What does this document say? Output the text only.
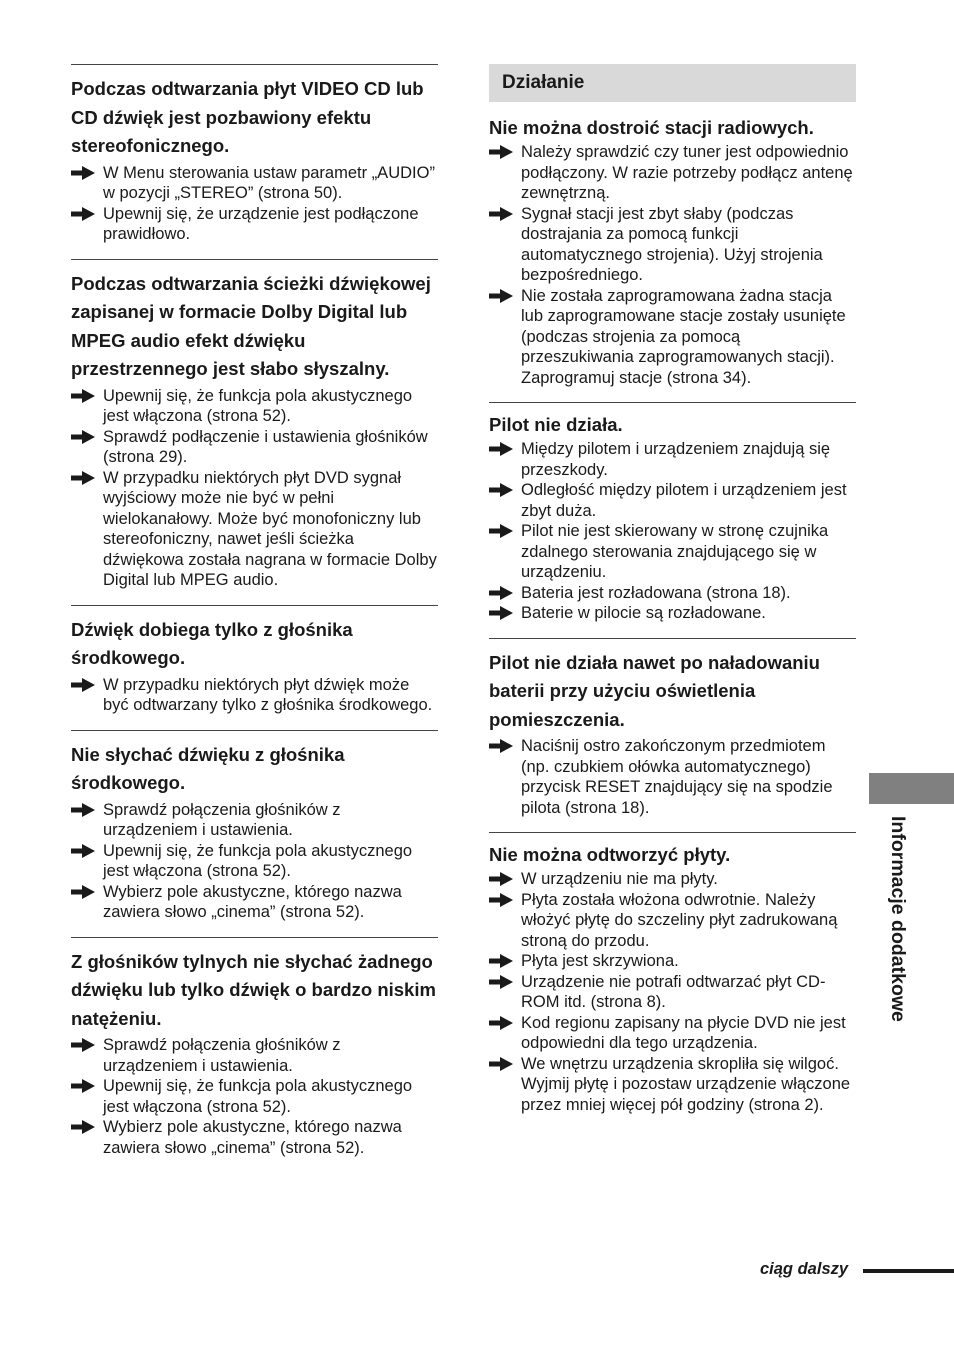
Podczas odtwarzania płyt VIDEO CD lub CD dźwięk jest pozbawiony efektu stereofonicznego.
W Menu sterowania ustaw parametr „AUDIO” w pozycji „STEREO” (strona 50).
Upewnij się, że urządzenie jest podłączone prawidłowo.
Podczas odtwarzania ścieżki dźwiękowej zapisanej w formacie Dolby Digital lub MPEG audio efekt dźwięku przestrzennego jest słabo słyszalny.
Upewnij się, że funkcja pola akustycznego jest włączona (strona 52).
Sprawdź podłączenie i ustawienia głośników (strona 29).
W przypadku niektórych płyt DVD sygnał wyjściowy może nie być w pełni wielokanałowy. Może być monofoniczny lub stereofoniczny, nawet jeśli ścieżka dźwiękowa została nagrana w formacie Dolby Digital lub MPEG audio.
Dźwięk dobiega tylko z głośnika środkowego.
W przypadku niektórych płyt dźwięk może być odtwarzany tylko z głośnika środkowego.
Nie słychać dźwięku z głośnika środkowego.
Sprawdź połączenia głośników z urządzeniem i ustawienia.
Upewnij się, że funkcja pola akustycznego jest włączona (strona 52).
Wybierz pole akustyczne, którego nazwa zawiera słowo „cinema” (strona 52).
Z głośników tylnych nie słychać żadnego dźwięku lub tylko dźwięk o bardzo niskim natężeniu.
Sprawdź połączenia głośników z urządzeniem i ustawienia.
Upewnij się, że funkcja pola akustycznego jest włączona (strona 52).
Wybierz pole akustyczne, którego nazwa zawiera słowo „cinema” (strona 52).
Działanie
Nie można dostroić stacji radiowych.
Należy sprawdzić czy tuner jest odpowiednio podłączony. W razie potrzeby podłącz antenę zewnętrzną.
Sygnał stacji jest zbyt słaby (podczas dostrajania za pomocą funkcji automatycznego strojenia). Użyj strojenia bezpośredniego.
Nie została zaprogramowana żadna stacja lub zaprogramowane stacje zostały usunięte (podczas strojenia za pomocą przeszukiwania zaprogramowanych stacji). Zaprogramuj stacje (strona 34).
Pilot nie działa.
Między pilotem i urządzeniem znajdują się przeszkody.
Odległość między pilotem i urządzeniem jest zbyt duża.
Pilot nie jest skierowany w stronę czujnika zdalnego sterowania znajdującego się w urządzeniu.
Bateria jest rozładowana (strona 18).
Baterie w pilocie są rozładowane.
Pilot nie działa nawet po naładowaniu baterii przy użyciu oświetlenia pomieszczenia.
Naciśnij ostro zakończonym przedmiotem (np. czubkiem ołówka automatycznego) przycisk RESET znajdujący się na spodzie pilota (strona 18).
Nie można odtworzyć płyty.
W urządzeniu nie ma płyty.
Płyta została włożona odwrotnie. Należy włożyć płytę do szczeliny płyt zadrukowaną stroną do przodu.
Płyta jest skrzywiona.
Urządzenie nie potrafi odtwarzać płyt CD-ROM itd. (strona 8).
Kod regionu zapisany na płycie DVD nie jest odpowiedni dla tego urządzenia.
We wnętrzu urządzenia skropliła się wilgoć. Wyjmij płytę i pozostaw urządzenie włączone przez mniej więcej pół godziny (strona 2).
Informacje dodatkowe
ciąg dalszy
